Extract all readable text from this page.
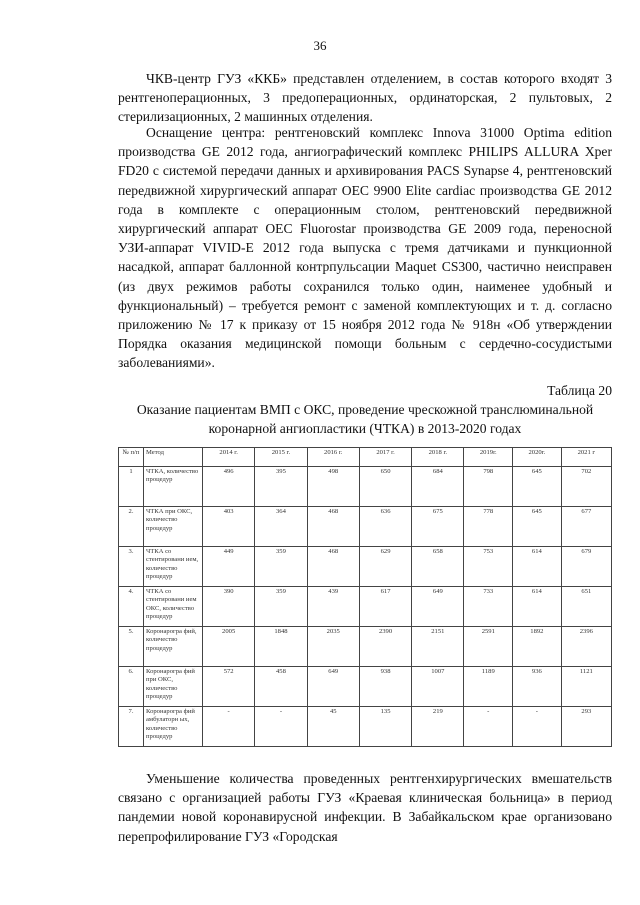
36

ЧКВ-центр ГУЗ «ККБ» представлен отделением, в состав которого входят 3 рентгеноперационных, 3 предоперационных, ординаторская, 2 пультовых, 2 стерилизационных, 2 машинных отделения.

Оснащение центра: рентгеновский комплекс Innova 31000 Optima edition производства GE 2012 года, ангиографический комплекс PHILIPS ALLURA Xper FD20 с системой передачи данных и архивирования PACS Synapse 4, рентгеновский передвижной хирургический аппарат OEC 9900 Elite cardiac производства GE 2012 года в комплекте с операционным столом, рентгеновский передвижной хирургический аппарат OEC Fluorostar производства GE 2009 года, переносной УЗИ-аппарат VIVID-E 2012 года выпуска с тремя датчиками и пункционной насадкой, аппарат баллонной контрпульсации Maquet CS300, частично неисправен (из двух режимов работы сохранился только один, наименее удобный и функциональный) – требуется ремонт с заменой комплектующих и т. д. согласно приложению № 17 к приказу от 15 ноября 2012 года № 918н «Об утверждении Порядка оказания медицинской помощи больным с сердечно-сосудистыми заболеваниями».

Таблица 20
Оказание пациентам ВМП с ОКС, проведение чрескожной транслюминальной коронарной ангиопластики (ЧТКА) в 2013-2020 годах
№ п/п	Метод	2014 г.	2015 г.	2016 г.	2017 г.	2018 г.	2019г.	2020г.	2021 г
1	ЧТКА, количество процедур	496	395	498	650	684	798	645	702
2.	ЧТКА при ОКС, количество процедур	403	364	468	636	675	778	645	677
3.	ЧТКА со стентировани ием, количество процедур	449	359	468	629	658	753	614	679
4.	ЧТКА со стентировани ием ОКС, количество процедур	390	359	439	617	649	733	614	651
5.	Коронарогра фий, количество процедур	2005	1848	2035	2390	2151	2591	1892	2396
6.	Коронарогра фий при ОКС, количество процедур	572	458	649	938	1007	1189	936	1121
7.	Коронарогра фий амбулаторн ых, количество процедур	-	-	45	135	219	-	-	293

Уменьшение количества проведенных рентгенхирургических вмешательств связано с организацией работы ГУЗ «Краевая клиническая больница» в период пандемии новой коронавирусной инфекции. В Забайкальском крае организовано перепрофилирование ГУЗ «Городская
